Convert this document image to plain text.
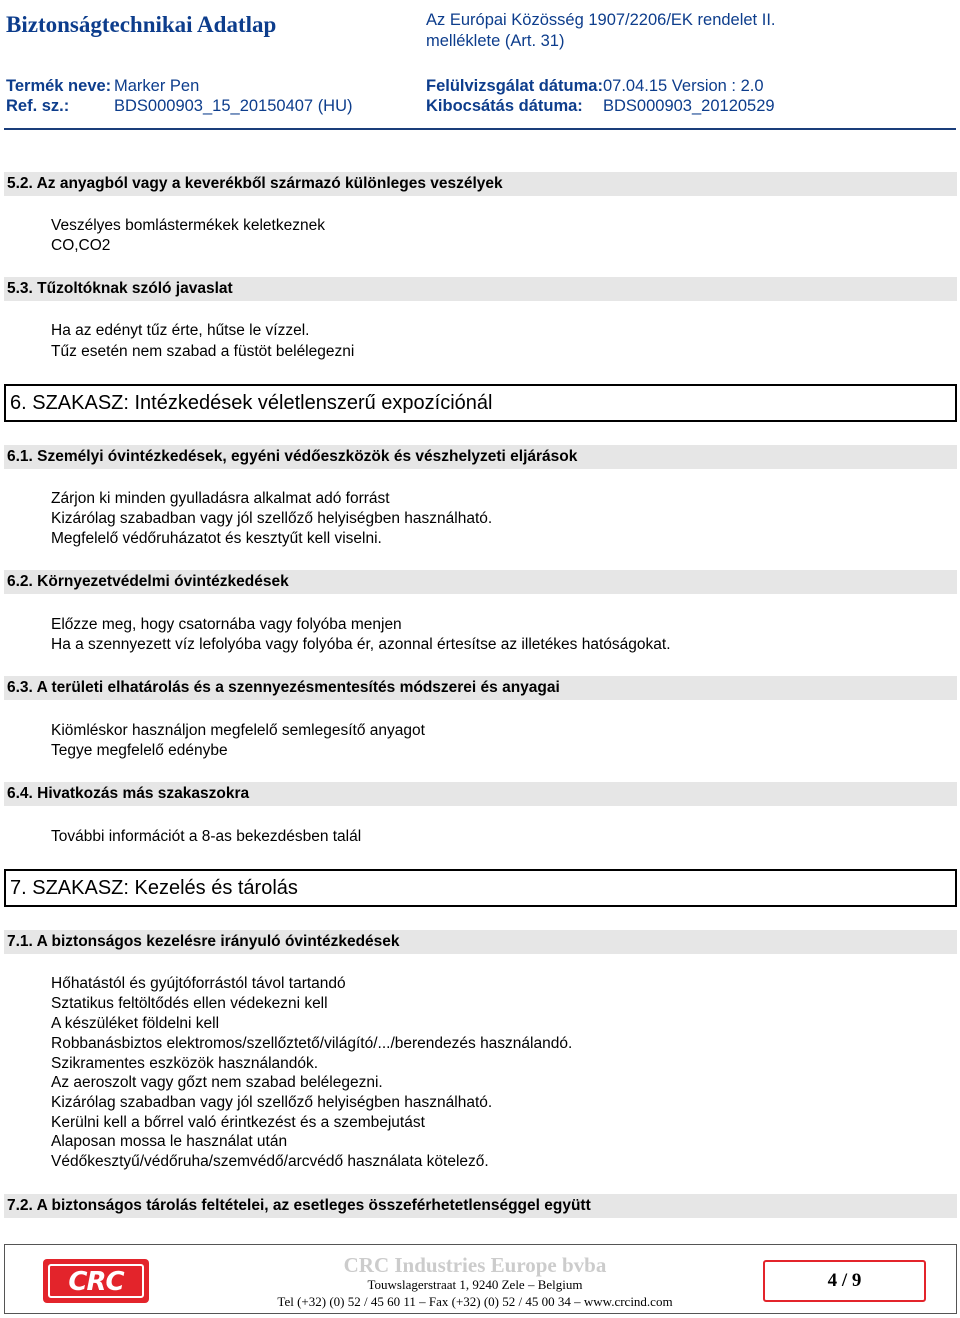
Biztonságtechnikai Adatlap	Az Európai Közösség 1907/2206/EK rendelet II.
melléklete (Art. 31)
Termék neve: Marker Pen	Felülvizsgálat dátuma: 07.04.15 Version : 2.0
Ref. sz.:	BDS000903_15_20150407 (HU)	Kibocsátás dátuma: BDS000903_20120529
5.2. Az anyagból vagy a keverékből származó különleges veszélyek
Veszélyes bomlástermékek keletkeznek
CO,CO2
5.3. Tűzoltóknak szóló javaslat
Ha az edényt tűz érte, hűtse le vízzel.
Tűz esetén nem szabad a füstöt belélegezni
6. SZAKASZ: Intézkedések véletlenszerű expozíciónál
6.1. Személyi óvintézkedések, egyéni védőeszközök és vészhelyzeti eljárások
Zárjon ki minden gyulladásra alkalmat adó forrást
Kizárólag szabadban vagy jól szellőző helyiségben használható.
Megfelelő védőruházatot és kesztyűt kell viselni.
6.2. Környezetvédelmi óvintézkedések
Előzze meg, hogy csatornába vagy folyóba menjen
Ha a szennyezett víz lefolyóba vagy folyóba ér, azonnal értesítse az illetékes hatóságokat.
6.3. A területi elhatárolás és a szennyezésmentesítés módszerei és anyagai
Kiömléskor használjon megfelelő semlegesítő anyagot
Tegye megfelelő edénybe
6.4. Hivatkozás más szakaszokra
További információt a 8-as bekezdésben talál
7. SZAKASZ: Kezelés és tárolás
7.1. A biztonságos kezelésre irányuló óvintézkedések
Hőhatástól és gyújtóforrástól távol tartandó
Sztatikus feltöltődés ellen védekezni kell
A készüléket földelni kell
Robbanásbiztos elektromos/szellőztető/világító/.../berendezés használandó.
Szikramentes eszközök használandók.
Az aeroszolt vagy gőzt nem szabad belélegezni.
Kizárólag szabadban vagy jól szellőző helyiségben használható.
Kerülni kell a bőrrel való érintkezést és a szembejutást
Alaposan mossa le használat után
Védőkesztyű/védőruha/szemvédő/arcvédő használata kötelező.
7.2. A biztonságos tárolás feltételei, az esetleges összeférhetetlenséggel együtt
CRC
CRC Industries Europe bvba
Touwslagerstraat 1, 9240 Zele – Belgium
Tel (+32) (0) 52 / 45 60 11 – Fax (+32) (0) 52 / 45 00 34 – www.crcind.com
4 / 9
